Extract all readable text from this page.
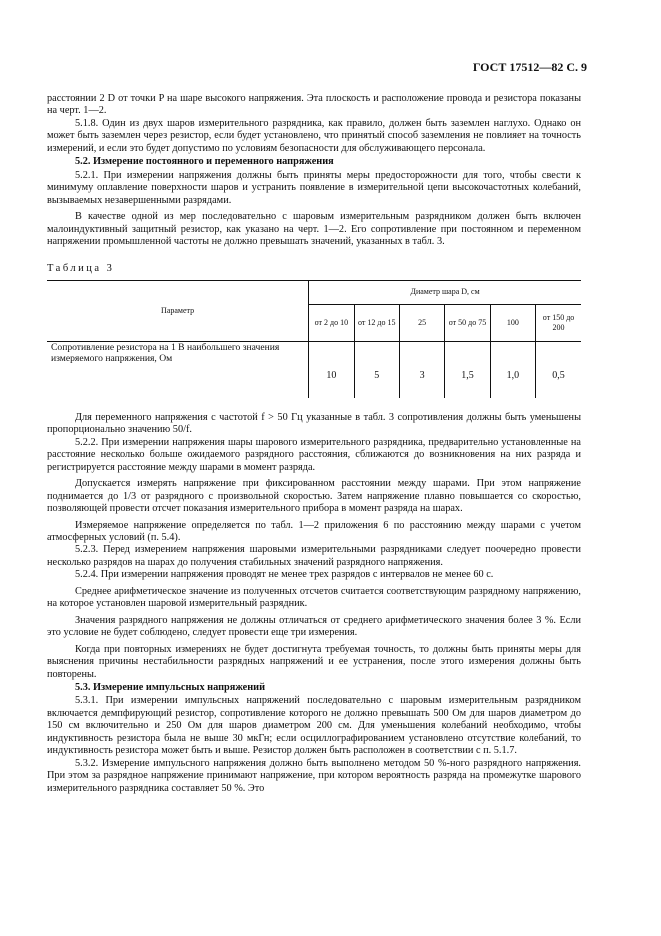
ГОСТ 17512—82 С. 9

расстоянии 2 D от точки P на шаре высокого напряжения. Эта плоскость и расположение провода и резистора показаны на черт. 1—2.

5.1.8. Один из двух шаров измерительного разрядника, как правило, должен быть заземлен наглухо. Однако он может быть заземлен через резистор, если будет установлено, что принятый способ заземления не повлияет на точность измерений, и если это будет допустимо по условиям безопасности для обслуживающего персонала.

5.2. Измерение постоянного и переменного напряжения

5.2.1. При измерении напряжения должны быть приняты меры предосторожности для того, чтобы свести к минимуму оплавление поверхности шаров и устранить появление в измерительной цепи высокочастотных колебаний, вызываемых незавершенными разрядами.

В качестве одной из мер последовательно с шаровым измерительным разрядником должен быть включен малоиндуктивный защитный резистор, как указано на черт. 1—2. Его сопротивление при постоянном и переменном напряжении промышленной частоты не должно превышать значений, указанных в табл. 3.

Таблица 3

Параметр	Диаметр шара D, см					
	от 2 до 10	от 12 до 15	25	от 50 до 75	100	от 150 до 200
Сопротивление резистора на 1 В наибольшего значения измеряемого напряжения, Ом	10	5	3	1,5	1,0	0,5

Для переменного напряжения с частотой f > 50 Гц указанные в табл. 3 сопротивления должны быть уменьшены пропорционально значению 50/f.

5.2.2. При измерении напряжения шары шарового измерительного разрядника, предварительно установленные на расстояние несколько больше ожидаемого разрядного расстояния, сближаются до возникновения на них разряда и регистрируется расстояние между шарами в момент разряда.

Допускается измерять напряжение при фиксированном расстоянии между шарами. При этом напряжение поднимается до 1/3 от разрядного с произвольной скоростью. Затем напряжение плавно повышается со скоростью, позволяющей провести отсчет показания измерительного прибора в момент разряда на шарах.

Измеряемое напряжение определяется по табл. 1—2 приложения 6 по расстоянию между шарами с учетом атмосферных условий (п. 5.4).

5.2.3. Перед измерением напряжения шаровыми измерительными разрядниками следует поочередно провести несколько разрядов на шарах до получения стабильных значений разрядного напряжения.

5.2.4. При измерении напряжения проводят не менее трех разрядов с интервалов не менее 60 с.

Среднее арифметическое значение из полученных отсчетов считается соответствующим разрядному напряжению, на которое установлен шаровой измерительный разрядник.

Значения разрядного напряжения не должны отличаться от среднего арифметического значения более 3 %. Если это условие не будет соблюдено, следует провести еще три измерения.

Когда при повторных измерениях не будет достигнута требуемая точность, то должны быть приняты меры для выяснения причины нестабильности разрядных напряжений и ее устранения, после этого измерения должны быть повторены.

5.3. Измерение импульсных напряжений

5.3.1. При измерении импульсных напряжений последовательно с шаровым измерительным разрядником включается демпфирующий резистор, сопротивление которого не должно превышать 500 Ом для шаров диаметром до 150 см включительно и 250 Ом для шаров диаметром 200 см. Для уменьшения колебаний необходимо, чтобы индуктивность резистора была не выше 30 мкГн; если осциллографированием установлено отсутствие колебаний, то индуктивность резистора может быть и выше. Резистор должен быть расположен в соответствии с п. 5.1.7.

5.3.2. Измерение импульсного напряжения должно быть выполнено методом 50 %-ного разрядного напряжения. При этом за разрядное напряжение принимают напряжение, при котором вероятность разряда на промежутке шарового измерительного разрядника составляет 50 %. Это
